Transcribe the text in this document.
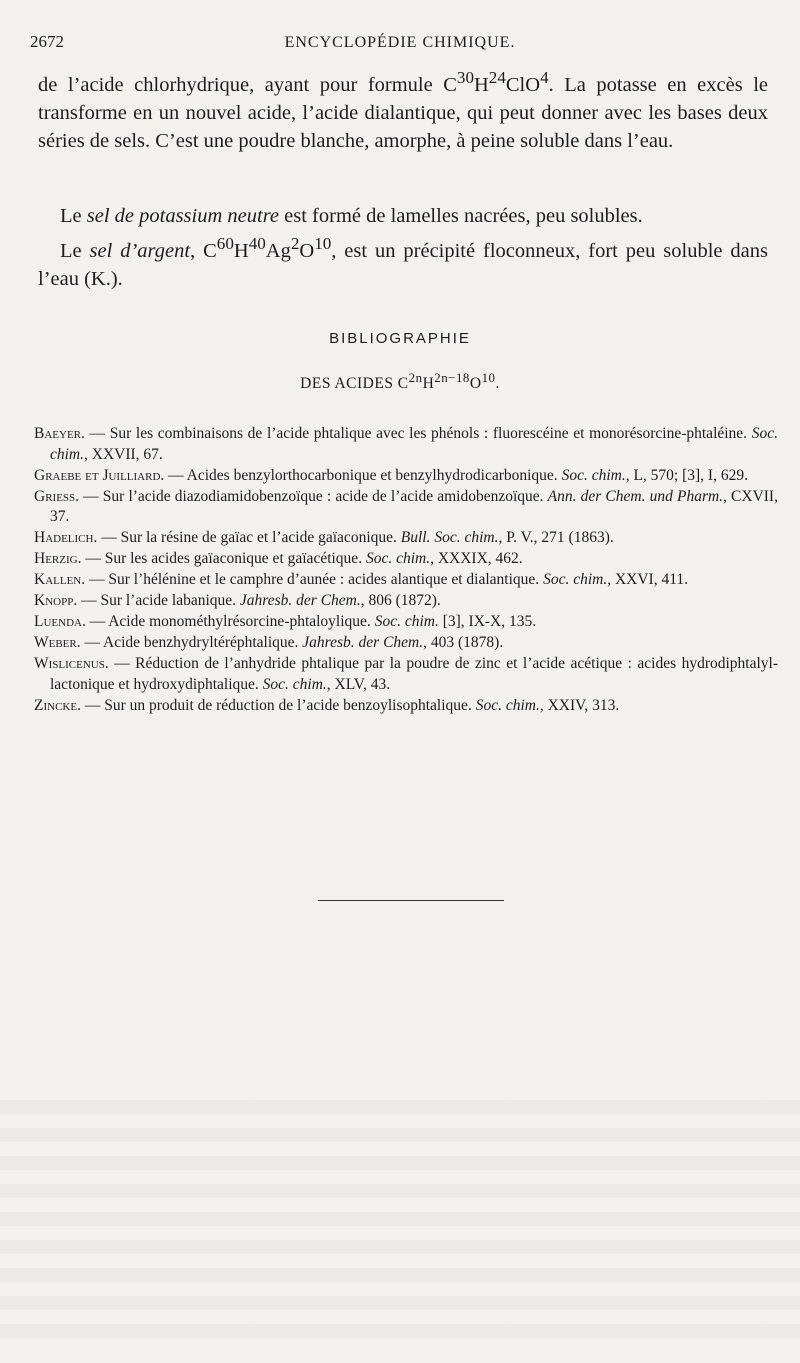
2672	ENCYCLOPÉDIE CHIMIQUE.

de l’acide chlorhydrique, ayant pour formule $C^{30}H^{24}ClO^4$. La potasse en excès le transforme en un nouvel acide, l’acide dialantique, qui peut donner avec les bases deux séries de sels. C’est une poudre blanche, amorphe, à peine soluble dans l’eau.

Le sel de potassium neutre est formé de lamelles nacrées, peu solubles.

Le sel d’argent, $C^{60}H^{40}Ag^2O^{10}$, est un précipité floconneux, fort peu soluble dans l’eau (K.).

BIBLIOGRAPHIE
DES ACIDES $C^{2n}H^{2n-18}O^{10}$.
Baeyer. — Sur les combinaisons de l’acide phtalique avec les phénols : fluorescéine et monorésorcine-phtaléine. Soc. chim., XXVII, 67.
Graebe et Juilliard. — Acides benzylorthocarbonique et benzylhydrodicarbonique. Soc. chim., L, 570; [3], I, 629.
Griess. — Sur l’acide diazodiamidobenzoïque : acide de l’acide amidobenzoïque. Ann. der Chem. und Pharm., CXVII, 37.
Hadelich. — Sur la résine de gaïac et l’acide gaïaconique. Bull. Soc. chim., P. V., 271 (1863).
Herzig. — Sur les acides gaïaconique et gaïacétique. Soc. chim., XXXIX, 462.
Kallen. — Sur l’hélénine et le camphre d’aunée : acides alantique et dialantique. Soc. chim., XXVI, 411.
Knopp. — Sur l’acide labanique. Jahresb. der Chem., 806 (1872).
Luenda. — Acide monométhylrésorcine-phtaloylique. Soc. chim. [3], IX-X, 135.
Weber. — Acide benzhydryltéréphtalique. Jahresb. der Chem., 403 (1878).
Wislicenus. — Réduction de l’anhydride phtalique par la poudre de zinc et l’acide acétique : acides hydrodiphtalyl-lactonique et hydroxydiphtalique. Soc. chim., XLV, 43.
Zincke. — Sur un produit de réduction de l’acide benzoylisophtalique. Soc. chim., XXIV, 313.
